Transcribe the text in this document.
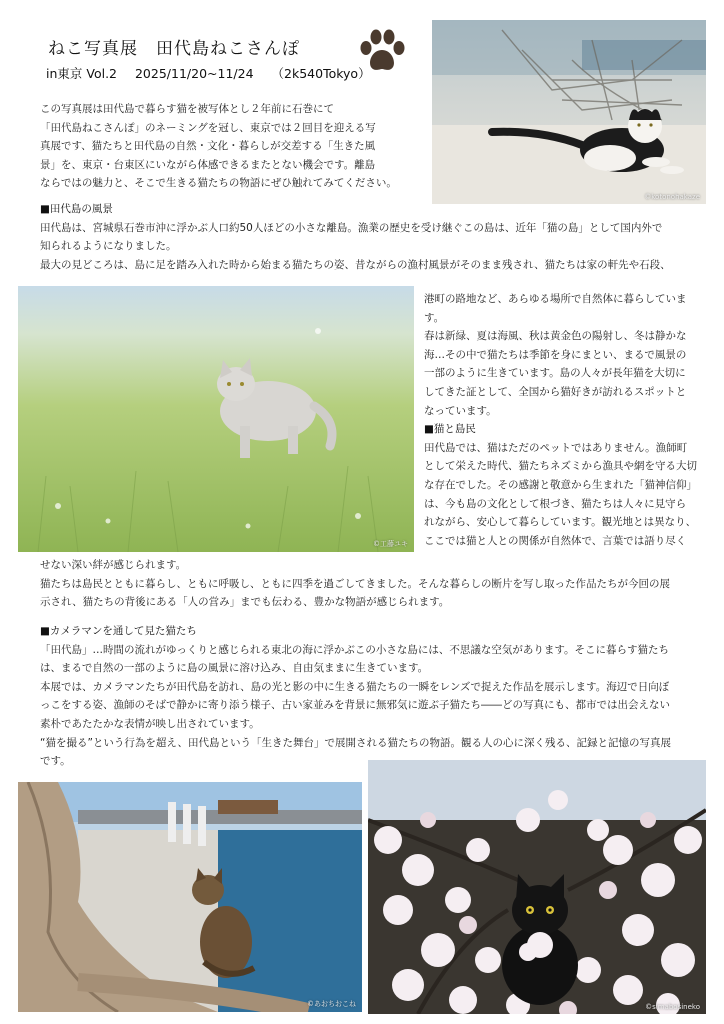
ねこ写真展　田代島ねこさんぽ
in東京 Vol.2 2025/11/20~11/24 （2k540Tokyo）
©kotonohakaze

この写真展は田代島で暮らす猫を被写体とし２年前に石巻にて

「田代島ねこさんぽ」のネーミングを冠し、東京では２回目を迎える写

真展です、猫たちと田代島の自然・文化・暮らしが交差する「生きた風

景」を、東京・台東区にいながら体感できるまたとない機会です。離島

ならではの魅力と、そこで生きる猫たちの物語にぜひ触れてみてください。

■田代島の風景

田代島は、宮城県石巻市沖に浮かぶ人口約50人ほどの小さな離島。漁業の歴史を受け継ぐこの島は、近年「猫の島」として国内外で

知られるようになりました。

最大の見どころは、島に足を踏み入れた時から始まる猫たちの姿、昔ながらの漁村風景がそのまま残され、猫たちは家の軒先や石段、

©工藤ユキ

港町の路地など、あらゆる場所で自然体に暮らしていま

す。

春は新緑、夏は海風、秋は黄金色の陽射し、冬は静かな

海…その中で猫たちは季節を身にまとい、まるで風景の

一部のように生きています。島の人々が長年猫を大切に

してきた証として、全国から猫好きが訪れるスポットと

なっています。

■猫と島民

田代島では、猫はただのペットではありません。漁師町

として栄えた時代、猫たちネズミから漁具や網を守る大切

な存在でした。その感謝と敬意から生まれた「猫神信仰」

は、今も島の文化として根づき、猫たちは人々に見守ら

れながら、安心して暮らしています。観光地とは異なり、

ここでは猫と人との関係が自然体で、言葉では語り尽く

せない深い絆が感じられます。

猫たちは島民とともに暮らし、ともに呼吸し、ともに四季を過ごしてきました。そんな暮らしの断片を写し取った作品たちが今回の展

示され、猫たちの背後にある「人の営み」までも伝わる、豊かな物語が感じられます。

■カメラマンを通して見た猫たち

「田代島」…時間の流れがゆっくりと感じられる東北の海に浮かぶこの小さな島には、不思議な空気があります。そこに暮らす猫たち

は、まるで自然の一部のように島の風景に溶け込み、自由気ままに生きています。

本展では、カメラマンたちが田代島を訪れ、島の光と影の中に生きる猫たちの一瞬をレンズで捉えた作品を展示します。海辺で日向ぼ

っこをする姿、漁師のそばで静かに寄り添う様子、古い家並みを背景に無邪気に遊ぶ子猫たち――どの写真にも、都市では出会えない

素朴であたたかな表情が映し出されています。

“猫を撮る”という行為を超え、田代島という「生きた舞台」で展開される猫たちの物語。観る人の心に深く残る、記録と記憶の写真展

です。

©あおちおこね	©simabosineko
